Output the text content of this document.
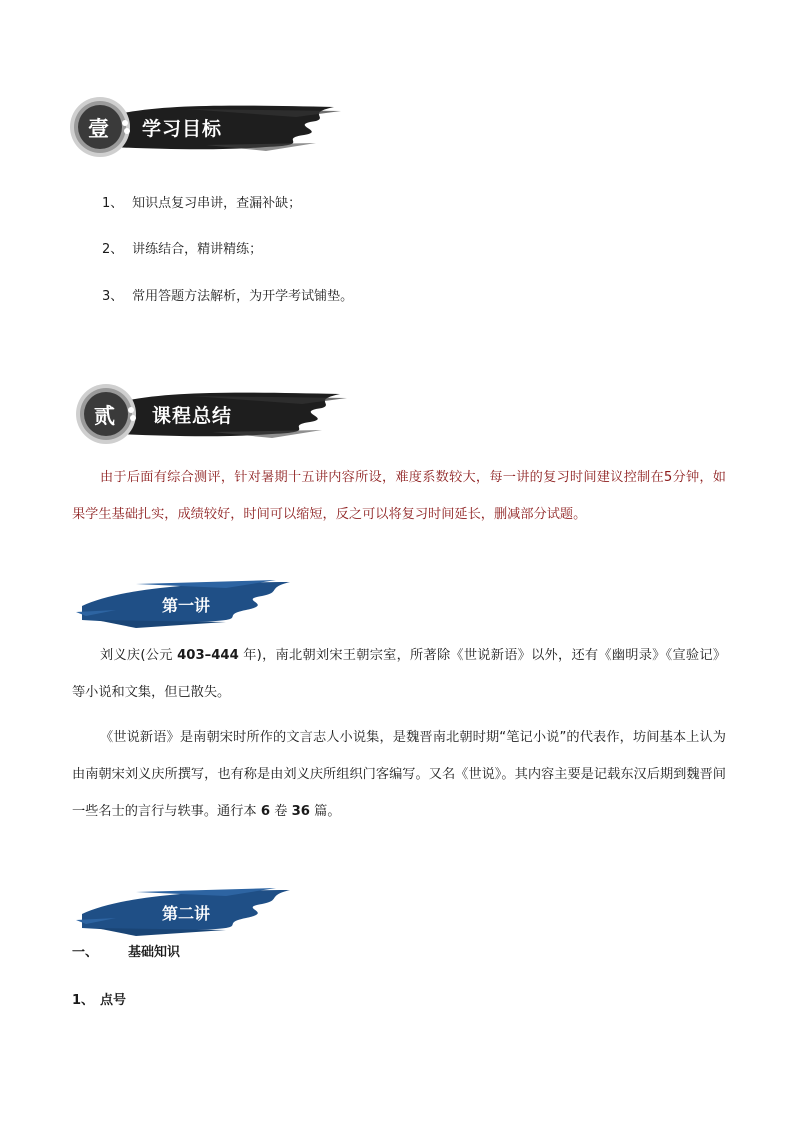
壹 学习目标
1、 知识点复习串讲，查漏补缺；
2、 讲练结合，精讲精练；
3、 常用答题方法解析，为开学考试铺垫。
贰 课程总结

由于后面有综合测评，针对暑期十五讲内容所设，难度系数较大，每一讲的复习时间建议控制在5分钟，如果学生基础扎实，成绩较好，时间可以缩短，反之可以将复习时间延长，删减部分试题。

第一讲

刘义庆(公元 403–444 年)，南北朝刘宋王朝宗室，所著除《世说新语》以外，还有《幽明录》《宣验记》等小说和文集，但已散失。

《世说新语》是南朝宋时所作的文言志人小说集，是魏晋南北朝时期“笔记小说”的代表作，坊间基本上认为由南朝宋刘义庆所撰写，也有称是由刘义庆所组织门客编写。又名《世说》。其内容主要是记载东汉后期到魏晋间一些名士的言行与轶事。通行本 6 卷 36 篇。

第二讲
一、 基础知识
1、 点号
